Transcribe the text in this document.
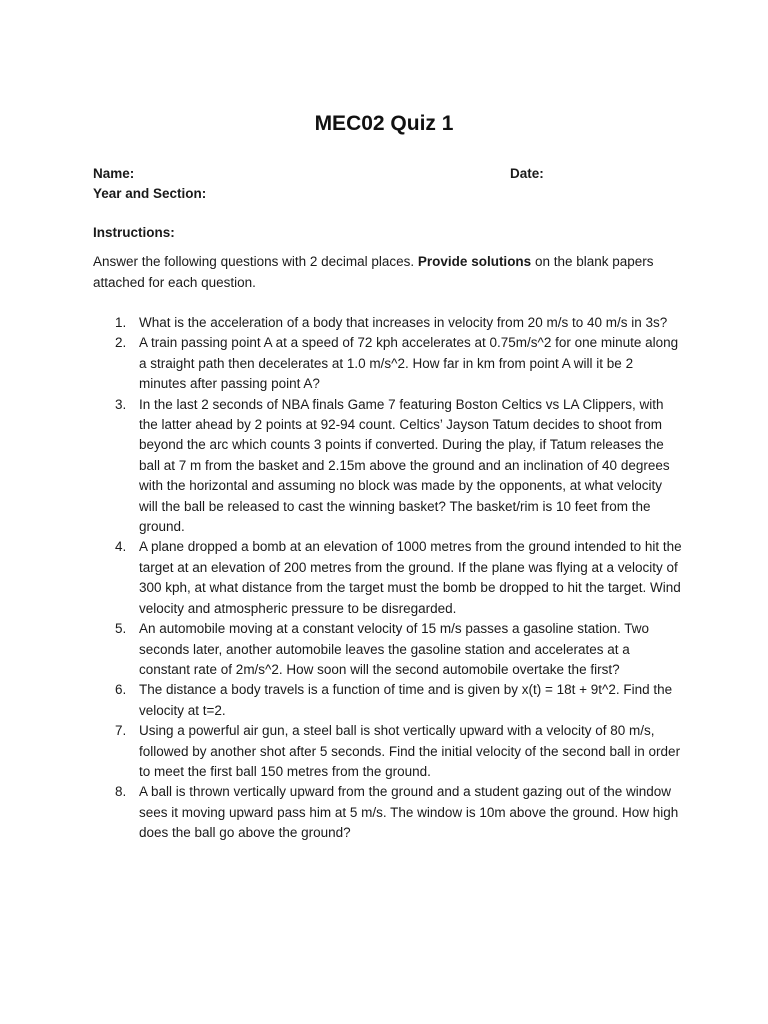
MEC02 Quiz 1
Name:	Date:
Year and Section:
Instructions:

Answer the following questions with 2 decimal places. Provide solutions on the blank papers attached for each question.

1. What is the acceleration of a body that increases in velocity from 20 m/s to 40 m/s in 3s?
2. A train passing point A at a speed of 72 kph accelerates at 0.75m/s^2 for one minute along a straight path then decelerates at 1.0 m/s^2. How far in km from point A will it be 2 minutes after passing point A?
3. In the last 2 seconds of NBA finals Game 7 featuring Boston Celtics vs LA Clippers, with the latter ahead by 2 points at 92-94 count. Celtics’ Jayson Tatum decides to shoot from beyond the arc which counts 3 points if converted. During the play, if Tatum releases the ball at 7 m from the basket and 2.15m above the ground and an inclination of 40 degrees with the horizontal and assuming no block was made by the opponents, at what velocity will the ball be released to cast the winning basket? The basket/rim is 10 feet from the ground.
4. A plane dropped a bomb at an elevation of 1000 metres from the ground intended to hit the target at an elevation of 200 metres from the ground. If the plane was flying at a velocity of 300 kph, at what distance from the target must the bomb be dropped to hit the target. Wind velocity and atmospheric pressure to be disregarded.
5. An automobile moving at a constant velocity of 15 m/s passes a gasoline station. Two seconds later, another automobile leaves the gasoline station and accelerates at a constant rate of 2m/s^2. How soon will the second automobile overtake the first?
6. The distance a body travels is a function of time and is given by x(t) = 18t + 9t^2. Find the velocity at t=2.
7. Using a powerful air gun, a steel ball is shot vertically upward with a velocity of 80 m/s, followed by another shot after 5 seconds. Find the initial velocity of the second ball in order to meet the first ball 150 metres from the ground.
8. A ball is thrown vertically upward from the ground and a student gazing out of the window sees it moving upward pass him at 5 m/s. The window is 10m above the ground. How high does the ball go above the ground?
